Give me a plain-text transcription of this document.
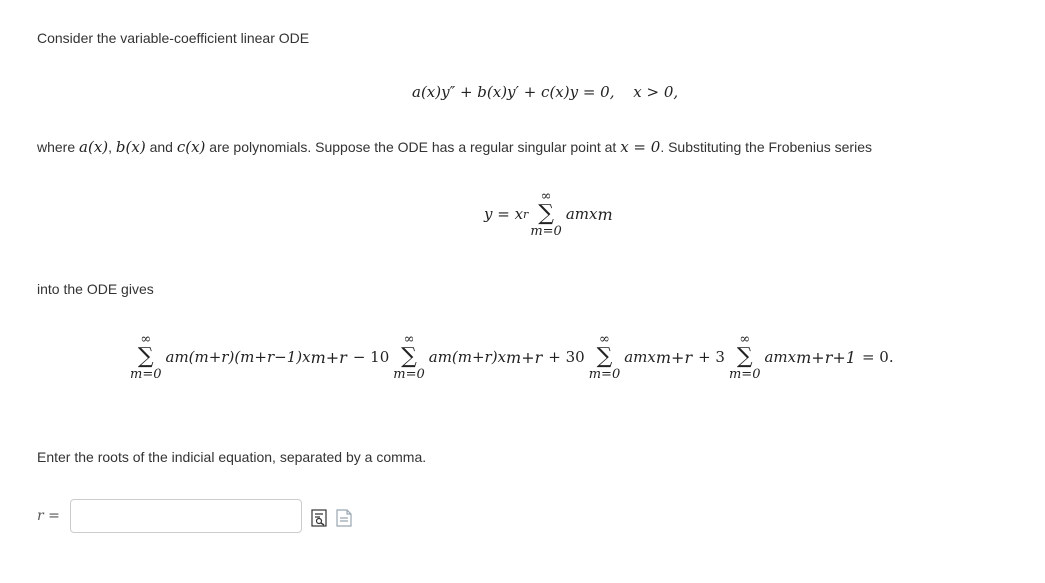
Consider the variable-coefficient linear ODE
a(x)y″ + b(x)y′ + c(x)y = 0, x > 0,
where a(x), b(x) and c(x) are polynomials. Suppose the ODE has a regular singular point at x = 0. Substituting the Frobenius series
y = x r
∞
∑
m=0
amx m
into the ODE gives
∞
∑
m=0
am(m+r)(m+r−1)x m+r − 10
∞
∑
m=0
am(m+r)x m+r + 30
∞
∑
m=0
amx m+r + 3
∞
∑
m=0
amx m+r+1 = 0.
Enter the roots of the indicial equation, separated by a comma.
r =
